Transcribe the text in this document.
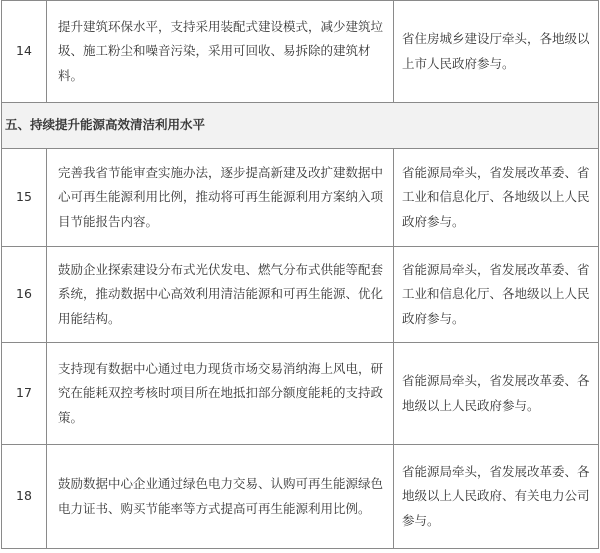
14	提升建筑环保水平，支持采用装配式建设模式，减少建筑垃圾、施工粉尘和噪音污染，采用可回收、易拆除的建筑材料。	省住房城乡建设厅牵头，各地级以上市人民政府参与。
五、持续提升能源高效清洁利用水平		
15	完善我省节能审查实施办法，逐步提高新建及改扩建数据中心可再生能源利用比例，推动将可再生能源利用方案纳入项目节能报告内容。	省能源局牵头，省发展改革委、省工业和信息化厅、各地级以上人民政府参与。
16	鼓励企业探索建设分布式光伏发电、燃气分布式供能等配套系统，推动数据中心高效利用清洁能源和可再生能源、优化用能结构。	省能源局牵头，省发展改革委、省工业和信息化厅、各地级以上人民政府参与。
17	支持现有数据中心通过电力现货市场交易消纳海上风电，研究在能耗双控考核时项目所在地抵扣部分额度能耗的支持政策。	省能源局牵头，省发展改革委、各地级以上人民政府参与。
18	鼓励数据中心企业通过绿色电力交易、认购可再生能源绿色电力证书、购买节能率等方式提高可再生能源利用比例。	省能源局牵头，省发展改革委、各地级以上人民政府、有关电力公司参与。
